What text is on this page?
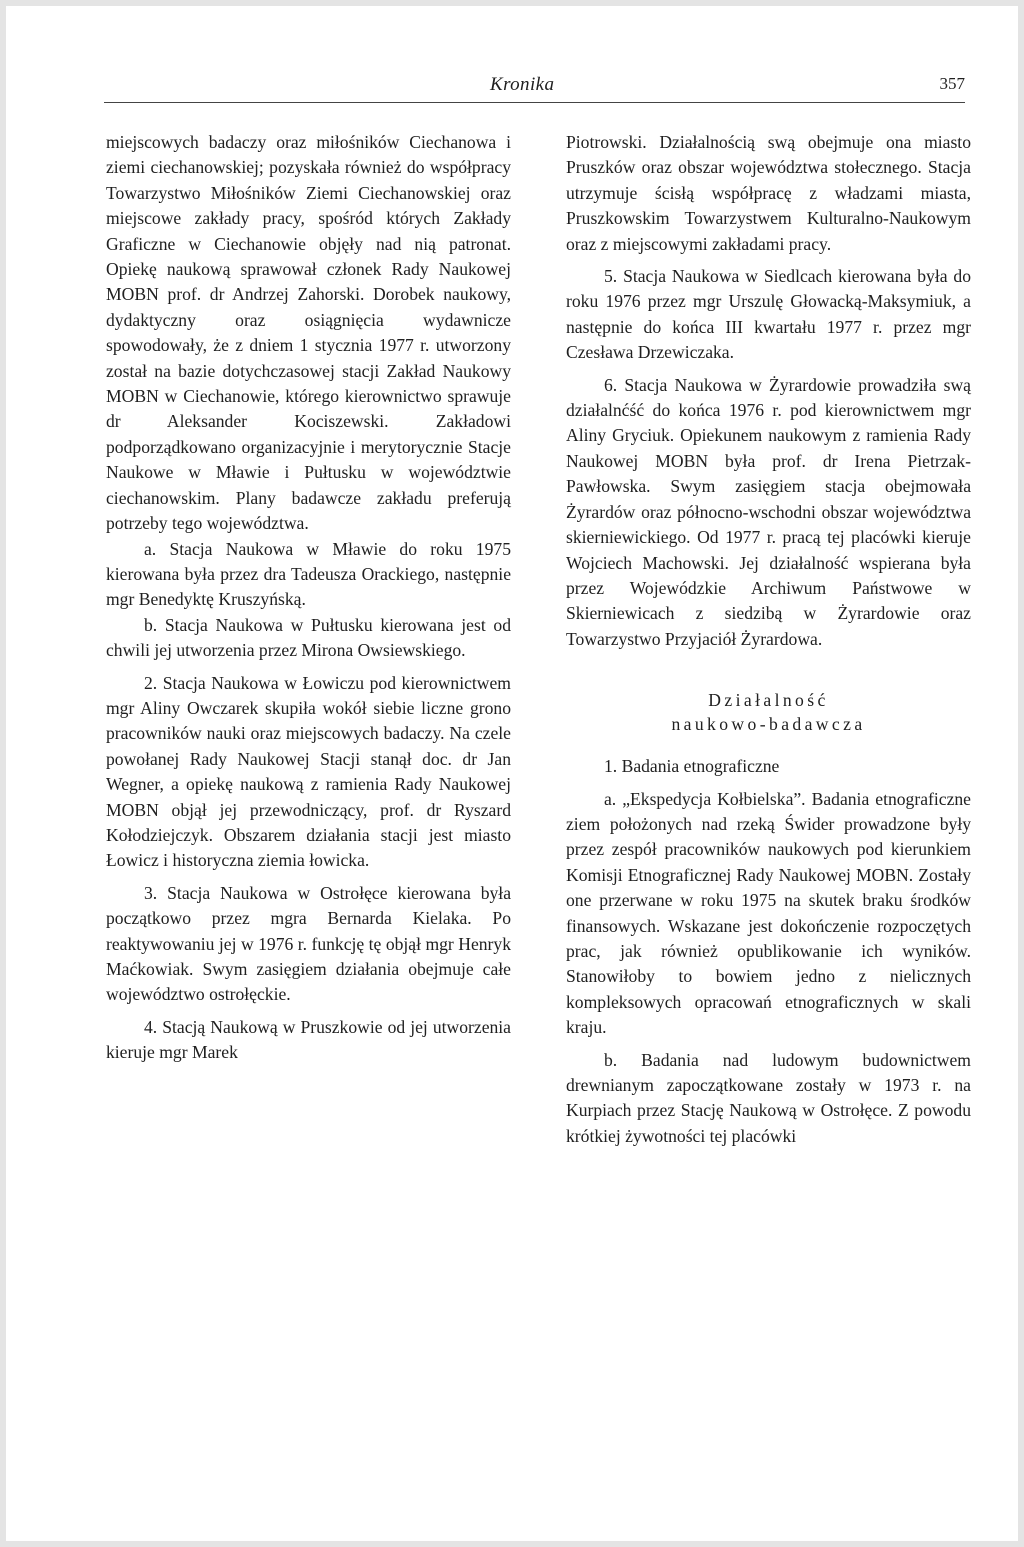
Kronika	357

miejscowych badaczy oraz miłośników Ciechanowa i ziemi ciechanowskiej; pozyskała również do współpracy Towarzystwo Miłośników Ziemi Ciechanowskiej oraz miejscowe zakłady pracy, spośród których Zakłady Graficzne w Ciechanowie objęły nad nią patronat. Opiekę naukową sprawował członek Rady Naukowej MOBN prof. dr Andrzej Zahorski. Dorobek naukowy, dydaktyczny oraz osiągnięcia wydawnicze spowodowały, że z dniem 1 stycznia 1977 r. utworzony został na bazie dotychczasowej stacji Zakład Naukowy MOBN w Ciechanowie, którego kierownictwo sprawuje dr Aleksander Kociszewski. Zakładowi podporządkowano organizacyjnie i merytorycznie Stacje Naukowe w Mławie i Pułtusku w województwie ciechanowskim. Plany badawcze zakładu preferują potrzeby tego województwa.

a. Stacja Naukowa w Mławie do roku 1975 kierowana była przez dra Tadeusza Orackiego, następnie mgr Benedyktę Kruszyńską.

b. Stacja Naukowa w Pułtusku kierowana jest od chwili jej utworzenia przez Mirona Owsiewskiego.

2. Stacja Naukowa w Łowiczu pod kierownictwem mgr Aliny Owczarek skupiła wokół siebie liczne grono pracowników nauki oraz miejscowych badaczy. Na czele powołanej Rady Naukowej Stacji stanął doc. dr Jan Wegner, a opiekę naukową z ramienia Rady Naukowej MOBN objął jej przewodniczący, prof. dr Ryszard Kołodziejczyk. Obszarem działania stacji jest miasto Łowicz i historyczna ziemia łowicka.

3. Stacja Naukowa w Ostrołęce kierowana była początkowo przez mgra Bernarda Kielaka. Po reaktywowaniu jej w 1976 r. funkcję tę objął mgr Henryk Maćkowiak. Swym zasięgiem działania obejmuje całe województwo ostrołęckie.

4. Stacją Naukową w Pruszkowie od jej utworzenia kieruje mgr Marek

Piotrowski. Działalnością swą obejmuje ona miasto Pruszków oraz obszar województwa stołecznego. Stacja utrzymuje ścisłą współpracę z władzami miasta, Pruszkowskim Towarzystwem Kulturalno-Naukowym oraz z miejscowymi zakładami pracy.

5. Stacja Naukowa w Siedlcach kierowana była do roku 1976 przez mgr Urszulę Głowacką-Maksymiuk, a następnie do końca III kwartału 1977 r. przez mgr Czesława Drzewiczaka.

6. Stacja Naukowa w Żyrardowie prowadziła swą działalnćść do końca 1976 r. pod kierownictwem mgr Aliny Gryciuk. Opiekunem naukowym z ramienia Rady Naukowej MOBN była prof. dr Irena Pietrzak-Pawłowska. Swym zasięgiem stacja obejmowała Żyrardów oraz północno-wschodni obszar województwa skierniewickiego. Od 1977 r. pracą tej placówki kieruje Wojciech Machowski. Jej działalność wspierana była przez Wojewódzkie Archiwum Państwowe w Skierniewicach z siedzibą w Żyrardowie oraz Towarzystwo Przyjaciół Żyrardowa.

Działalność
naukowo-badawcza

1. Badania etnograficzne

a. „Ekspedycja Kołbielska”. Badania etnograficzne ziem położonych nad rzeką Świder prowadzone były przez zespół pracowników naukowych pod kierunkiem Komisji Etnograficznej Rady Naukowej MOBN. Zostały one przerwane w roku 1975 na skutek braku środków finansowych. Wskazane jest dokończenie rozpoczętych prac, jak również opublikowanie ich wyników. Stanowiłoby to bowiem jedno z nielicznych kompleksowych opracowań etnograficznych w skali kraju.

b. Badania nad ludowym budownictwem drewnianym zapoczątkowane zostały w 1973 r. na Kurpiach przez Stację Naukową w Ostrołęce. Z powodu krótkiej żywotności tej placówki
